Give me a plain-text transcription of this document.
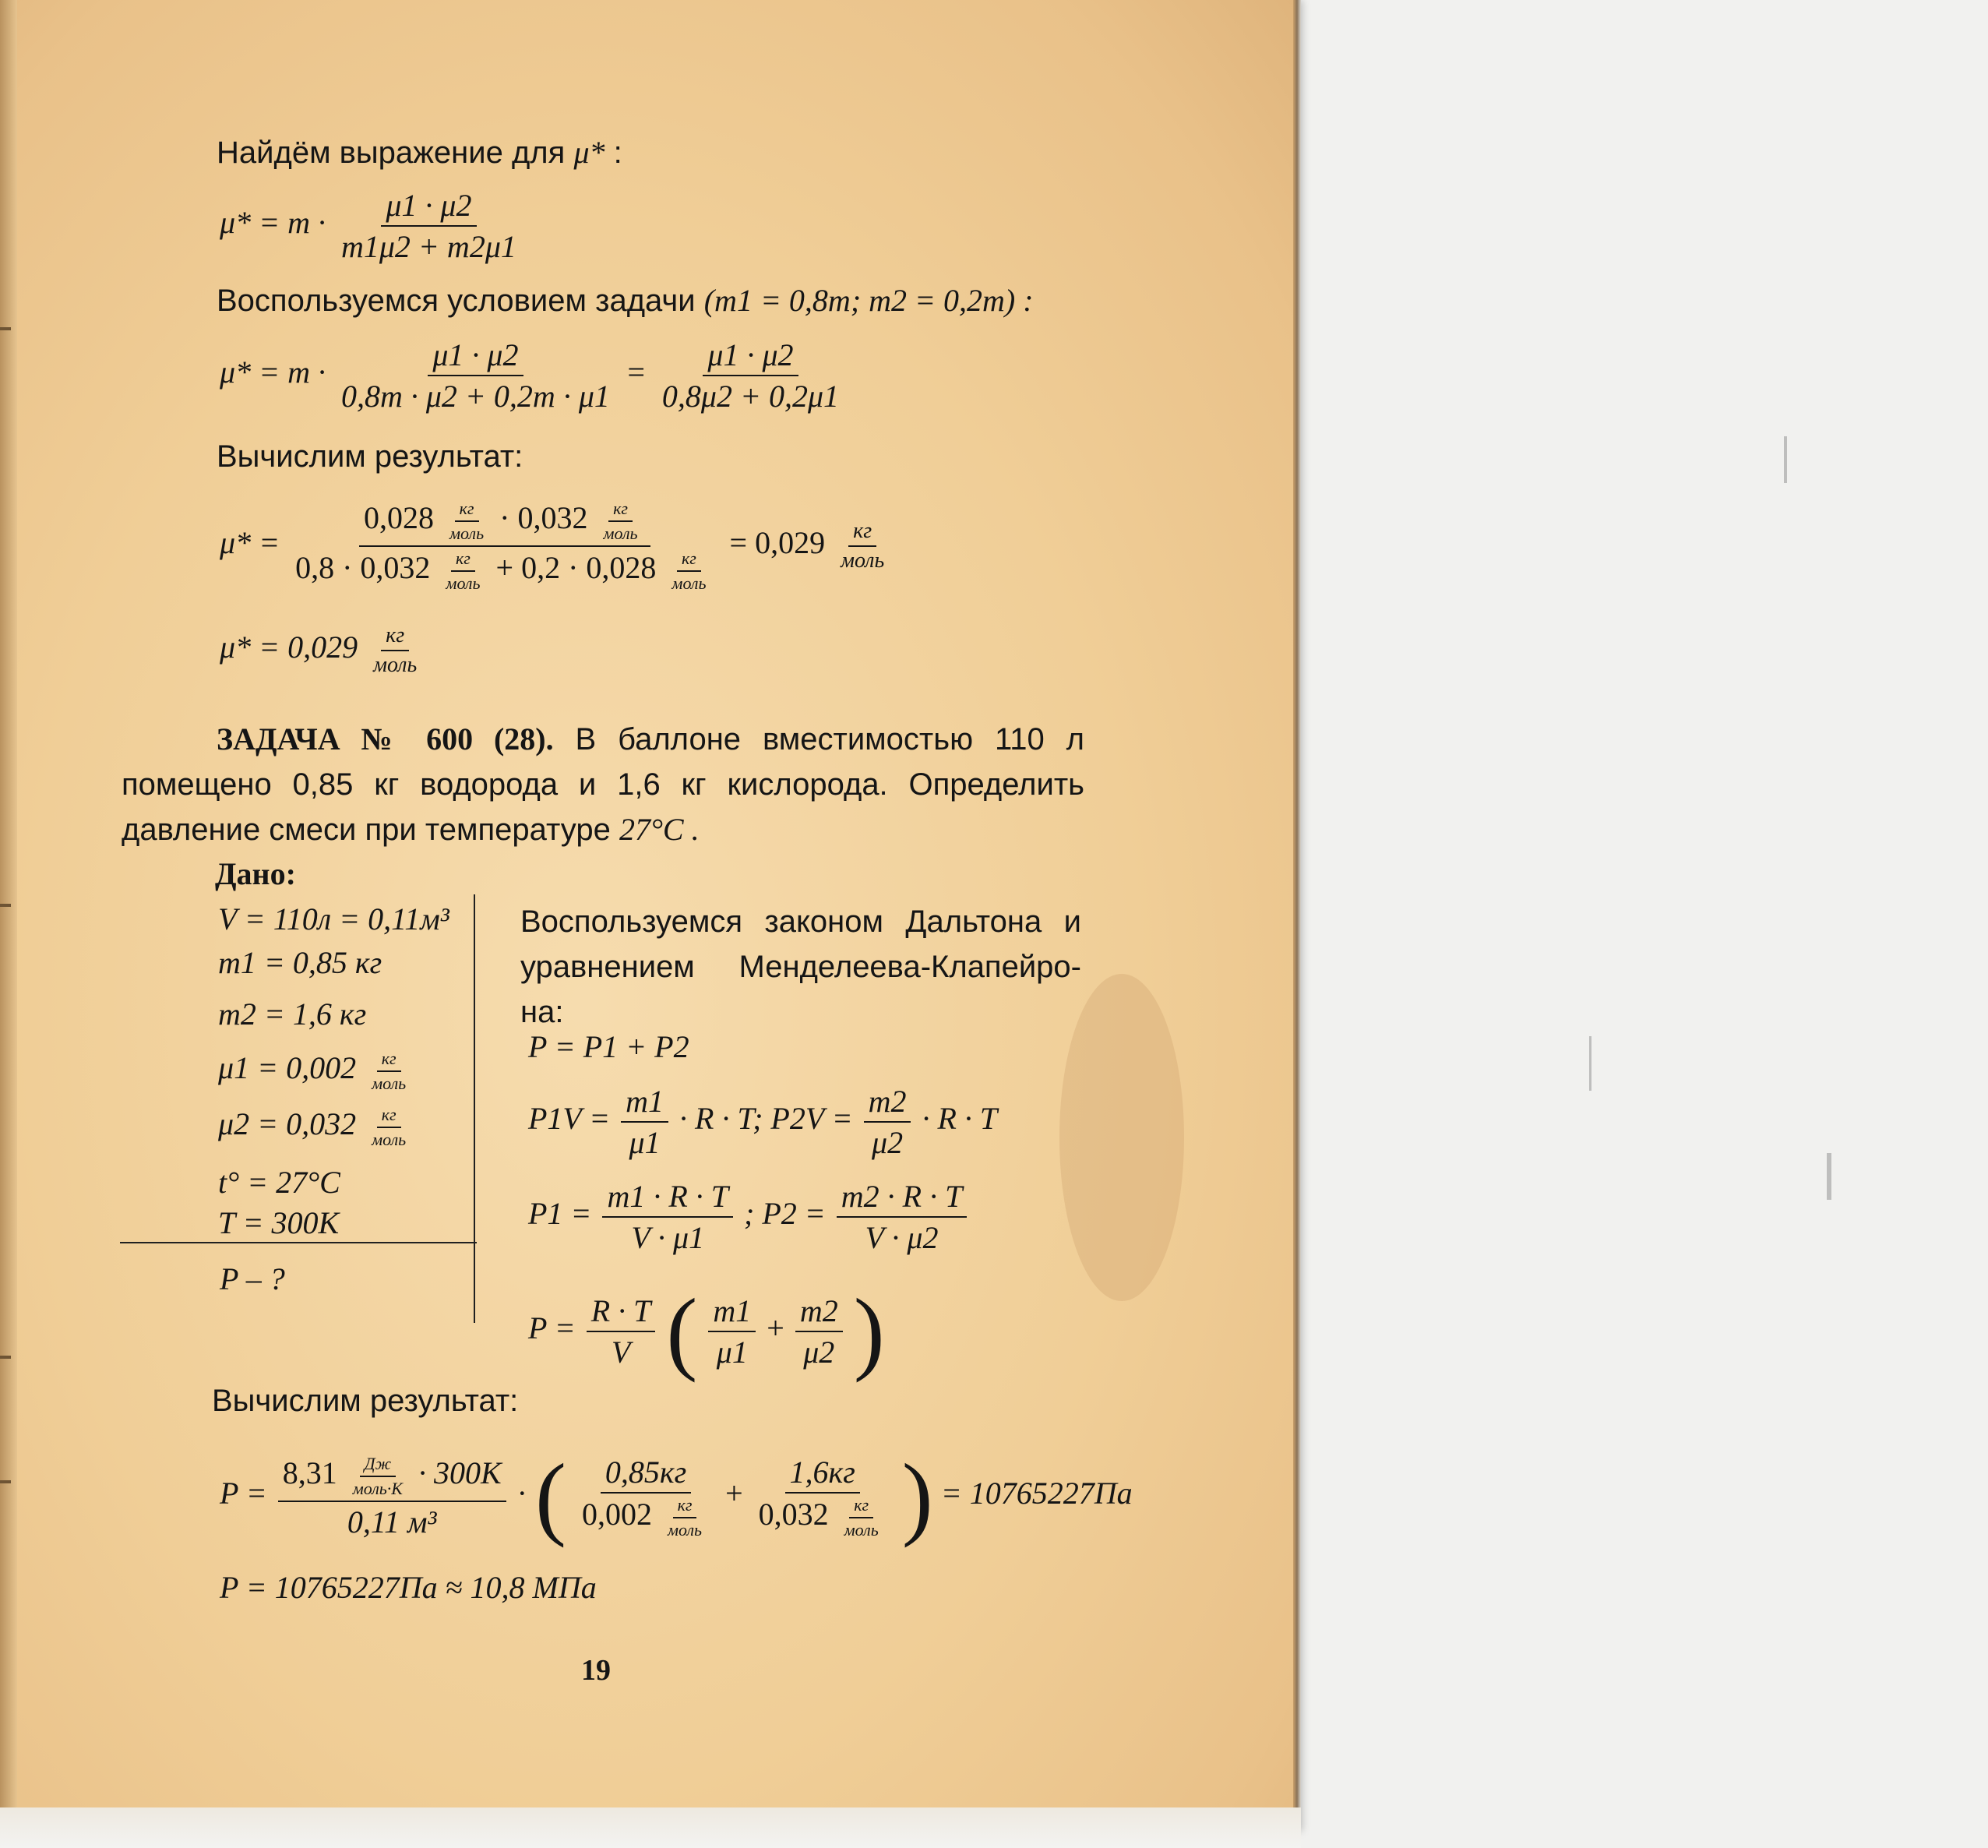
Найдём выражение для μ* :
$\mu* = m \cdot \frac{\mu 1 \cdot \mu 2}{m1\mu 2 + m2\mu 1}$
Воспользуемся условием задачи (m1 = 0,8m; m2 = 0,2m) :
$\mu* = m \cdot \frac{\mu 1 \cdot \mu 2}{0,8m \cdot \mu 2 + 0,2m \cdot \mu 1} = \frac{\mu 1 \cdot \mu 2}{0,8\mu 2 + 0,2\mu 1}$
Вычислим результат:
$\mu* = \frac{0,028 \frac{кг}{\text{моль}} \cdot 0,032 \frac{кг}{\text{моль}}}{0,8 \cdot 0,032 \frac{кг}{\text{моль}} + 0,2 \cdot 0,028 \frac{кг}{\text{моль}}} = 0,029 \frac{кг}{\text{моль}}$
$\mu* = 0,029 \frac{кг}{\text{моль}}$
ЗАДАЧА № 600 (28). В баллоне вместимостью 110 л
помещено 0,85 кг водорода и 1,6 кг кислорода. Определить
давление смеси при температуре 27°C .
Дано:
V = 110л = 0,11м³
m1 = 0,85 кг
m2 = 1,6 кг
$\mu 1 = 0,002 \frac{кг}{\text{моль}}$
$\mu 2 = 0,032 \frac{кг}{\text{моль}}$
t° = 27°C
T = 300K
P – ?
Воспользуемся законом Дальтона и
уравнением Менделеева-Клапейро-
на:
P = P1 + P2
$P1V = \frac{m1}{\mu 1} \cdot R \cdot T$; $P2V = \frac{m2}{\mu 2} \cdot R \cdot T$
$P1 = \frac{m1 \cdot R \cdot T}{V \cdot \mu 1}$ ; $P2 = \frac{m2 \cdot R \cdot T}{V \cdot \mu 2}$
$P = \frac{R \cdot T}{V}$ ( $\frac{m1}{\mu 1} + \frac{m2}{\mu 2}$ )
Вычислим результат:
$P = \frac{8,31 \frac{Дж}{\text{моль·K}} \cdot 300K}{\text{0,11 м³}}$ · ( $\frac{0,85кг}{0,002 \frac{кг}{\text{моль}}} + \frac{1,6кг}{0,032 \frac{кг}{\text{моль}}}$ ) = 10765227Па
P = 10765227Па ≈ 10,8 МПа
19
